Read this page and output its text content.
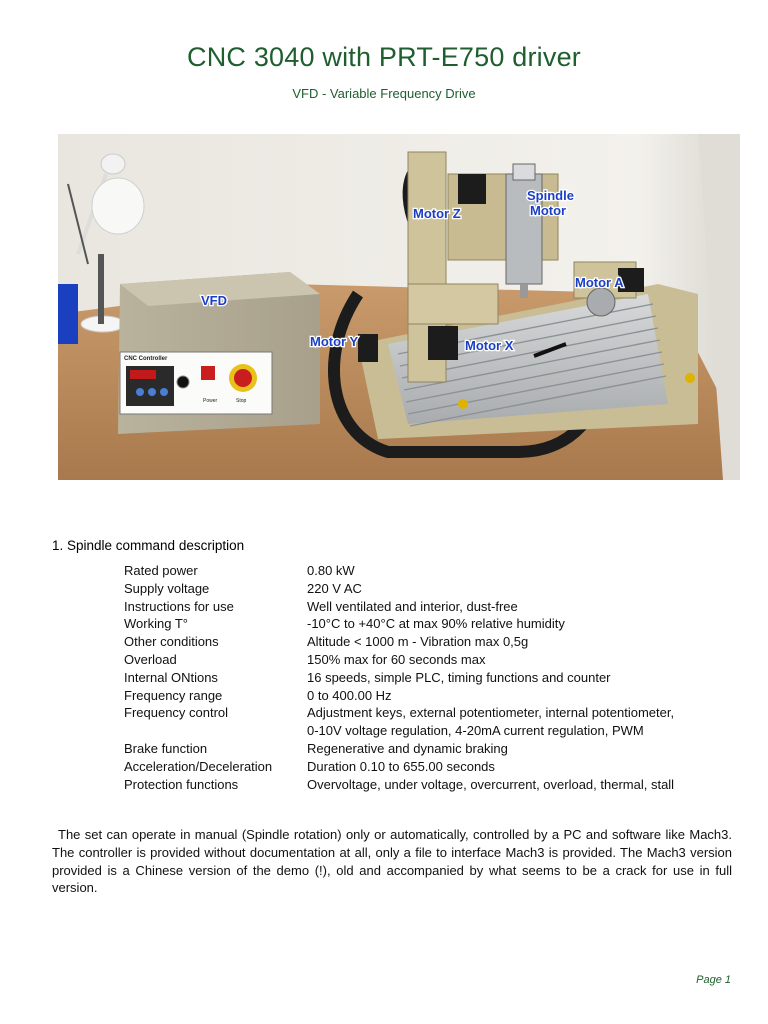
CNC 3040 with PRT-E750 driver
VFD - Variable Frequency Drive
CNC Controller
Power	Stop
VFD
Motor Z
Spindle
Motor
Motor A
Motor Y	Motor X
1. Spindle command description
Rated power	0.80 kW
Supply voltage	220 V AC
Instructions for use	Well ventilated and interior, dust-free
Working T°	-10°C to +40°C at max 90% relative humidity
Other conditions	Altitude < 1000 m - Vibration max 0,5g
Overload	150% max for 60 seconds max
Internal ONtions	16 speeds, simple PLC, timing functions and counter
Frequency range	0 to 400.00 Hz
Frequency control	Adjustment keys, external potentiometer, internal potentiometer,
0-10V voltage regulation, 4-20mA current regulation, PWM

Brake function	Regenerative and dynamic braking
Acceleration/Deceleration	Duration 0.10 to 655.00 seconds
Protection functions	Overvoltage, under voltage, overcurrent, overload, thermal, stall
The set can operate in manual (Spindle rotation) only or automatically, controlled by a PC and software like Mach3. The controller is provided without documentation at all, only a file to interface Mach3 is provided. The Mach3 version provided is a Chinese version of the demo (!), old and accompanied by what seems to be a crack for use in full version.
Page 1
